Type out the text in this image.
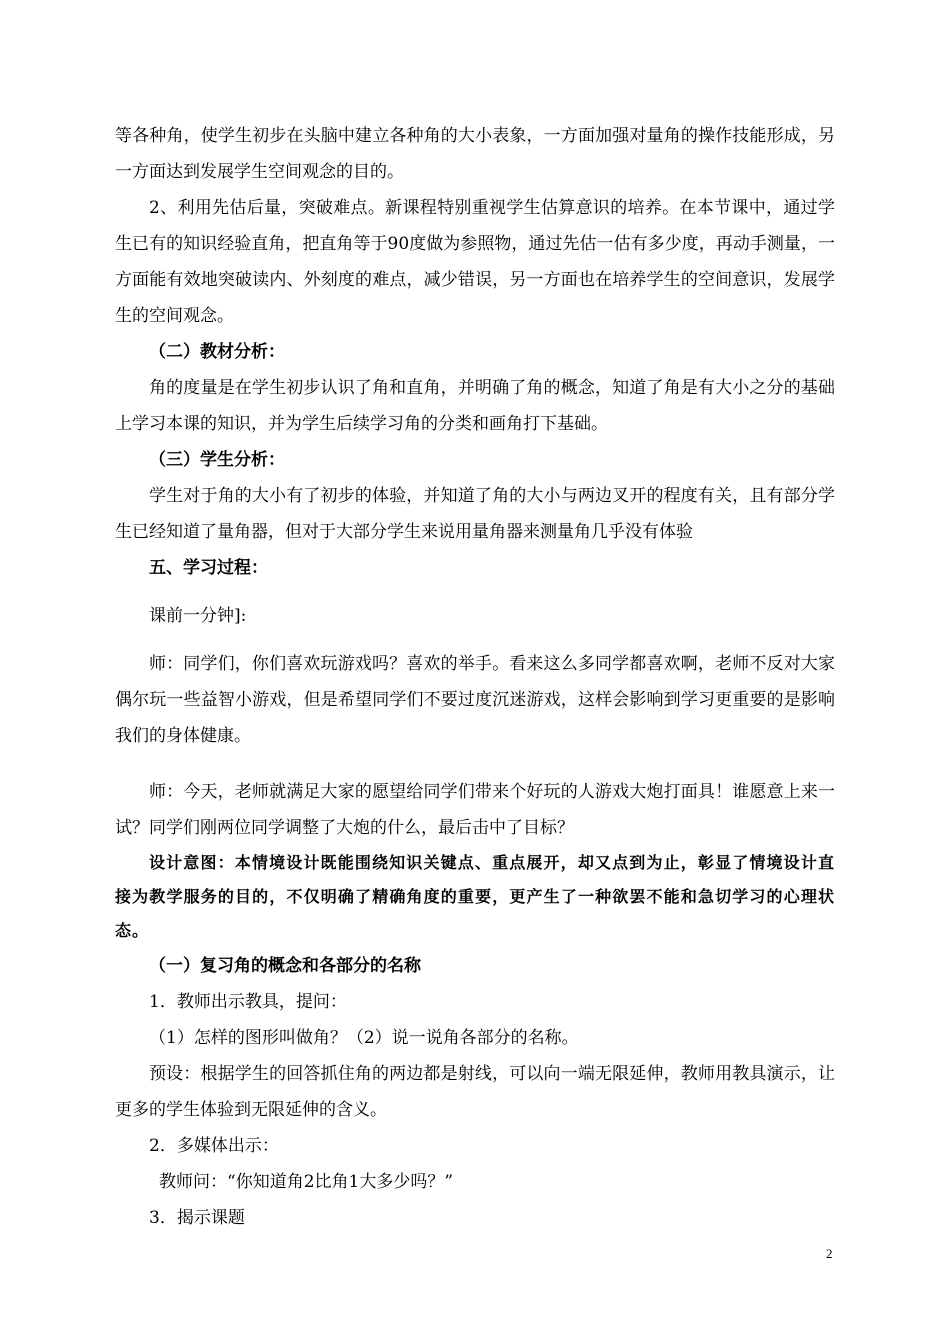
等各种角，使学生初步在头脑中建立各种角的大小表象，一方面加强对量角的操作技能形成，另一方面达到发展学生空间观念的目的。

2、利用先估后量，突破难点。新课程特别重视学生估算意识的培养。在本节课中，通过学生已有的知识经验直角，把直角等于90度做为参照物，通过先估一估有多少度，再动手测量，一方面能有效地突破读内、外刻度的难点，减少错误，另一方面也在培养学生的空间意识，发展学生的空间观念。

（二）教材分析：

角的度量是在学生初步认识了角和直角，并明确了角的概念，知道了角是有大小之分的基础上学习本课的知识，并为学生后续学习角的分类和画角打下基础。

（三）学生分析：

学生对于角的大小有了初步的体验，并知道了角的大小与两边叉开的程度有关，且有部分学生已经知道了量角器，但对于大部分学生来说用量角器来测量角几乎没有体验

五、学习过程：

课前一分钟]:

师：同学们，你们喜欢玩游戏吗？喜欢的举手。看来这么多同学都喜欢啊，老师不反对大家偶尔玩一些益智小游戏，但是希望同学们不要过度沉迷游戏，这样会影响到学习更重要的是影响我们的身体健康。

师：今天，老师就满足大家的愿望给同学们带来个好玩的人游戏大炮打面具！谁愿意上来一试？同学们刚两位同学调整了大炮的什么，最后击中了目标？

设计意图：本情境设计既能围绕知识关键点、重点展开，却又点到为止，彰显了情境设计直接为教学服务的目的，不仅明确了精确角度的重要，更产生了一种欲罢不能和急切学习的心理状态。

（一）复习角的概念和各部分的名称

1．教师出示教具，提问：

（1）怎样的图形叫做角？（2）说一说角各部分的名称。

预设：根据学生的回答抓住角的两边都是射线，可以向一端无限延伸，教师用教具演示，让更多的学生体验到无限延伸的含义。

2．多媒体出示：

教师问：“你知道角2比角1大多少吗？”

3．揭示课题

2
